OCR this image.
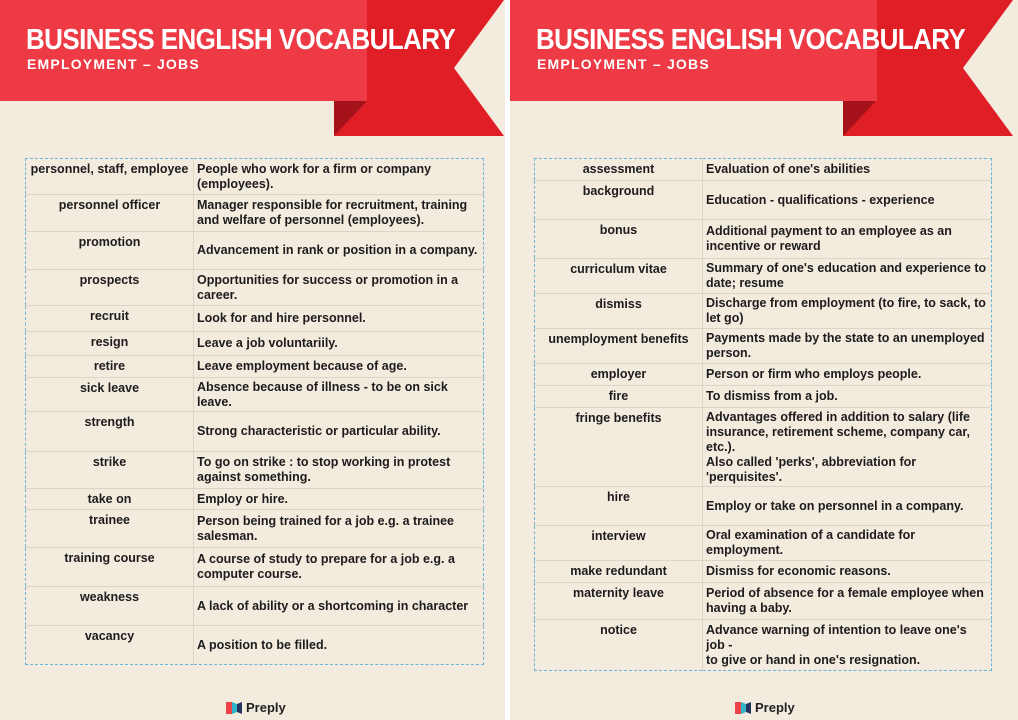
BUSINESS ENGLISH VOCABULARY
EMPLOYMENT – JOBS
personnel, staff, employee	People who work for a firm or company (employees).
personnel officer	Manager responsible for recruitment, training and welfare of personnel (employees).
promotion	Advancement in rank or position in a company.
prospects	Opportunities for success or promotion in a career.
recruit	Look for and hire personnel.
resign	Leave a job voluntariily.
retire	Leave employment because of age.
sick leave	Absence because of illness - to be on sick leave.
strength	Strong characteristic or particular ability.
strike	To go on strike : to stop working in protest against something.
take on	Employ or hire.
trainee	Person being trained for a job e.g. a trainee salesman.
training course	A course of study to prepare for a job e.g. a computer course.
weakness	A lack of ability or a shortcoming in character
vacancy	A position to be filled.
Preply
BUSINESS ENGLISH VOCABULARY
EMPLOYMENT – JOBS
assessment	Evaluation of one's abilities
background	Education - qualifications - experience
bonus	Additional payment to an employee as an incentive or reward
curriculum vitae	Summary of one's education and experience to date; resume
dismiss	Discharge from employment (to fire, to sack, to let go)
unemployment benefits	Payments made by the state to an unemployed person.
employer	Person or firm who employs people.
fire	To dismiss from a job.
fringe benefits	Advantages offered in addition to salary (life insurance, retirement scheme, company car, etc.).
Also called 'perks', abbreviation for 'perquisites'.

hire	Employ or take on personnel in a company.
interview	Oral examination of a candidate for employment.
make redundant	Dismiss for economic reasons.
maternity leave	Period of absence for a female employee when having a baby.
notice	Advance warning of intention to leave one's job -
to give or hand in one's resignation.
Preply
